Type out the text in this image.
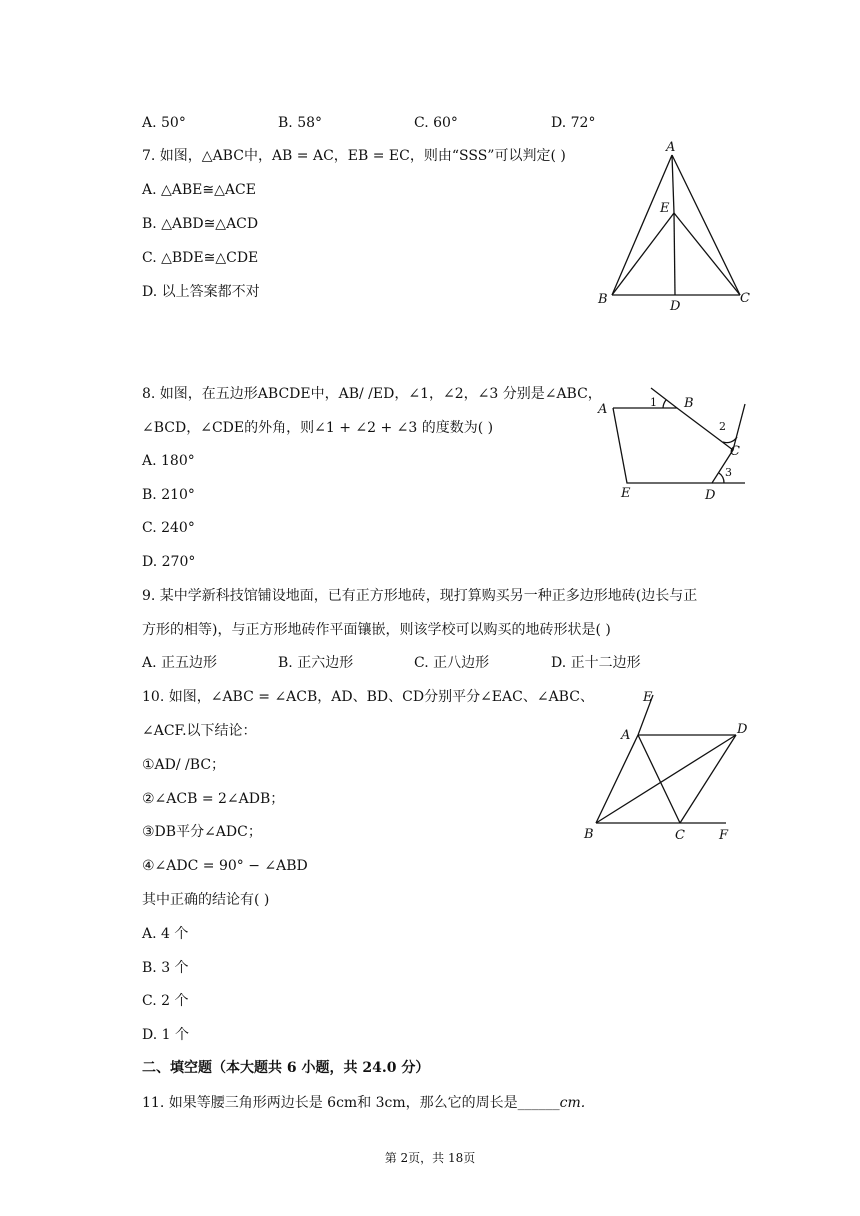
A. 50°	B. 58°	C. 60°	D. 72°
7. 如图，△ABC中，AB = AC，EB = EC，则由“SSS”可以判定( )
A. △ABE≅△ACE
B. △ABD≅△ACD
C. △BDE≅△CDE
D. 以上答案都不对
A
E
B	D
C
8. 如图，在五边形ABCDE中，AB/ /ED，∠1，∠2，∠3 分别是∠ABC，
∠BCD，∠CDE的外角，则∠1 + ∠2 + ∠3 的度数为( )
A. 180°
B. 210°
C. 240°
D. 270°
A	B
C
D
E
1
2
3
9. 某中学新科技馆铺设地面，已有正方形地砖，现打算购买另一种正多边形地砖(边长与正
方形的相等)，与正方形地砖作平面镶嵌，则该学校可以购买的地砖形状是( )
A. 正五边形	B. 正六边形	C. 正八边形	D. 正十二边形
10. 如图，∠ABC = ∠ACB，AD、BD、CD分别平分∠EAC、∠ABC、
∠ACF.以下结论：
①AD/ /BC；
②∠ACB = 2∠ADB；
③DB平分∠ADC；
④∠ADC = 90° − ∠ABD
其中正确的结论有( )
A. 4 个
B. 3 个
C. 2 个
D. 1 个
E
A	D
B	C	F
二、填空题（本大题共 6 小题，共 24.0 分）
11. 如果等腰三角形两边长是 6cm和 3cm，那么它的周长是______cm.
第 2页，共 18页
